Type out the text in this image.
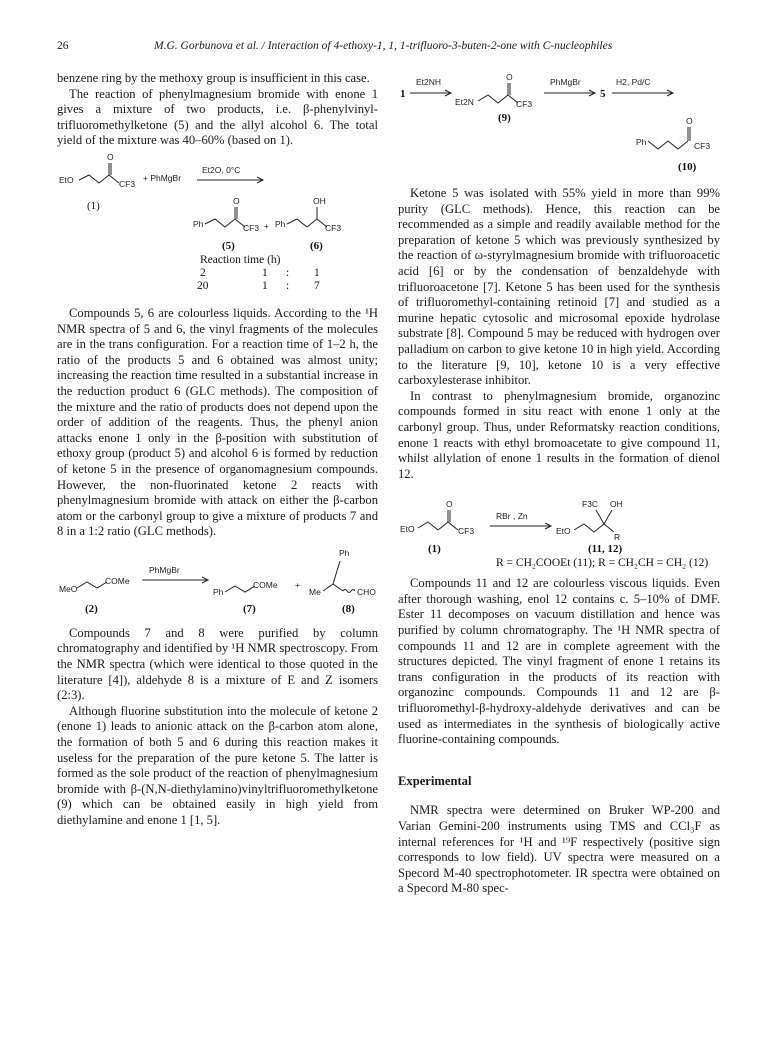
26	M.G. Gorbunova et al. / Interaction of 4-ethoxy-1, 1, 1-trifluoro-3-buten-2-one with C-nucleophiles

benzene ring by the methoxy group is insufficient in this case.

The reaction of phenylmagnesium bromide with enone 1 gives a mixture of two products, i.e. β-phenylvinyl-trifluoromethylketone (5) and the allyl alcohol 6. The total yield of the mixture was 40–60% (based on 1).

EtO
O
CF3
+ PhMgBr
Et2O, 0°C
(1)
Ph
O
CF3 + Ph
OH
CF3
(5)	(6)
Reaction time (h)
2	1 : 1
20	1 : 7

Compounds 5, 6 are colourless liquids. According to the ¹H NMR spectra of 5 and 6, the vinyl fragments of the molecules are in the trans configuration. For a reaction time of 1–2 h, the ratio of the products 5 and 6 obtained was almost unity; increasing the reaction time resulted in a substantial increase in the reduction product 6 (GLC methods). The composition of the mixture and the ratio of products does not depend upon the order of addition of the reagents. Thus, the phenyl anion attacks enone 1 only in the β-position with substitution of ethoxy group (product 5) and alcohol 6 is formed by reduction of ketone 5 in the presence of organomagnesium compounds. However, the non-fluorinated ketone 2 reacts with phenylmagnesium bromide with attack on either the β-carbon atom or the carbonyl group to give a mixture of products 7 and 8 in a 1:2 ratio (GLC methods).

MeO
COMe
PhMgBr
Ph
COMe +
Ph
Me	CHO
(2)	(7)	(8)

Compounds 7 and 8 were purified by column chromatography and identified by ¹H NMR spectroscopy. From the NMR spectra (which were identical to those quoted in the literature [4]), aldehyde 8 is a mixture of E and Z isomers (2:3).

Although fluorine substitution into the molecule of ketone 2 (enone 1) leads to anionic attack on the β-carbon atom alone, the formation of both 5 and 6 during this reaction makes it useless for the preparation of the pure ketone 5. The latter is formed as the sole product of the reaction of phenylmagnesium bromide with β-(N,N-diethylamino)vinyltrifluoromethylketone (9) which can be obtained easily in high yield from diethylamine and enone 1 [1, 5].

1
Et2NH
Et2N
O
CF3
(9)
PhMgBr
5
H2, Pd/C
Ph
O
CF3
(10)

Ketone 5 was isolated with 55% yield in more than 99% purity (GLC methods). Hence, this reaction can be recommended as a simple and readily available method for the preparation of ketone 5 which was previously synthesized by the reaction of ω-styrylmagnesium bromide with trifluoroacetic acid [6] or by the condensation of benzaldehyde with trifluoroacetone [7]. Ketone 5 has been used for the synthesis of trifluoromethyl-containing retinoid [7] and studied as a murine hepatic cytosolic and microsomal epoxide hydrolase substrate [8]. Compound 5 may be reduced with hydrogen over palladium on carbon to give ketone 10 in high yield. According to the literature [9, 10], ketone 10 is a very effective carboxylesterase inhibitor.

In contrast to phenylmagnesium bromide, organozinc compounds formed in situ react with enone 1 only at the carbonyl group. Thus, under Reformatsky reaction conditions, enone 1 reacts with ethyl bromoacetate to give compound 11, whilst allylation of enone 1 results in the formation of dienol 12.

EtO
O
CF3
RBr , Zn
EtO
F3C OH
R
(1)	(11, 12)
R = CH₂COOEt (11); R = CH₂CH = CH₂ (12)

Compounds 11 and 12 are colourless viscous liquids. Even after thorough washing, enol 12 contains c. 5–10% of DMF. Ester 11 decomposes on vacuum distillation and hence was purified by column chromatography. The ¹H NMR spectra of compounds 11 and 12 are in complete agreement with the structures depicted. The vinyl fragment of enone 1 retains its trans configuration in the products of its reaction with organozinc compounds. Compounds 11 and 12 are β-trifluoromethyl-β-hydroxy-aldehyde derivatives and can be used as intermediates in the synthesis of biologically active fluorine-containing compounds.

Experimental

NMR spectra were determined on Bruker WP-200 and Varian Gemini-200 instruments using TMS and CCl₃F as internal references for ¹H and ¹⁹F respectively (positive sign corresponds to low field). UV spectra were measured on a Specord M-40 spectrophotometer. IR spectra were obtained on a Specord M-80 spec-
